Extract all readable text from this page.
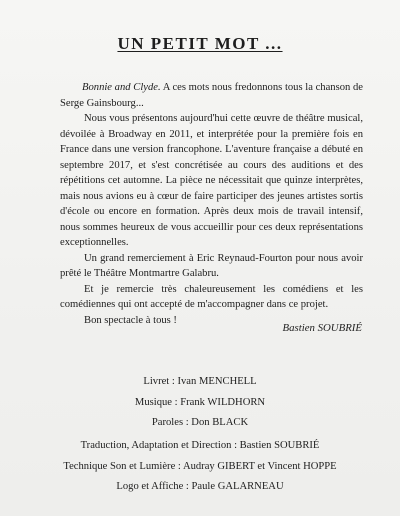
UN PETIT MOT ...

Bonnie and Clyde. A ces mots nous fredonnons tous la chanson de Serge Gainsbourg...

Nous vous présentons aujourd'hui cette œuvre de théâtre musical, dévoilée à Broadway en 2011, et interprétée pour la première fois en France dans une version francophone. L'aventure française a débuté en septembre 2017, et s'est concrétisée au cours des auditions et des répétitions cet automne. La pièce ne nécessitait que quinze interprètes, mais nous avions eu à cœur de faire participer des jeunes artistes sortis d'école ou encore en formation. Après deux mois de travail intensif, nous sommes heureux de vous accueillir pour ces deux représentations exceptionnelles.

Un grand remerciement à Eric Reynaud-Fourton pour nous avoir prêté le Théâtre Montmartre Galabru.

Et je remercie très chaleureusement les comédiens et les comédiennes qui ont accepté de m'accompagner dans ce projet.

Bon spectacle à tous !

Bastien SOUBRIÉ
Livret : Ivan MENCHELL
Musique : Frank WILDHORN
Paroles : Don BLACK
Traduction, Adaptation et Direction : Bastien SOUBRIÉ
Technique Son et Lumière : Audray GIBERT et Vincent HOPPE
Logo et Affiche : Paule GALARNEAU
